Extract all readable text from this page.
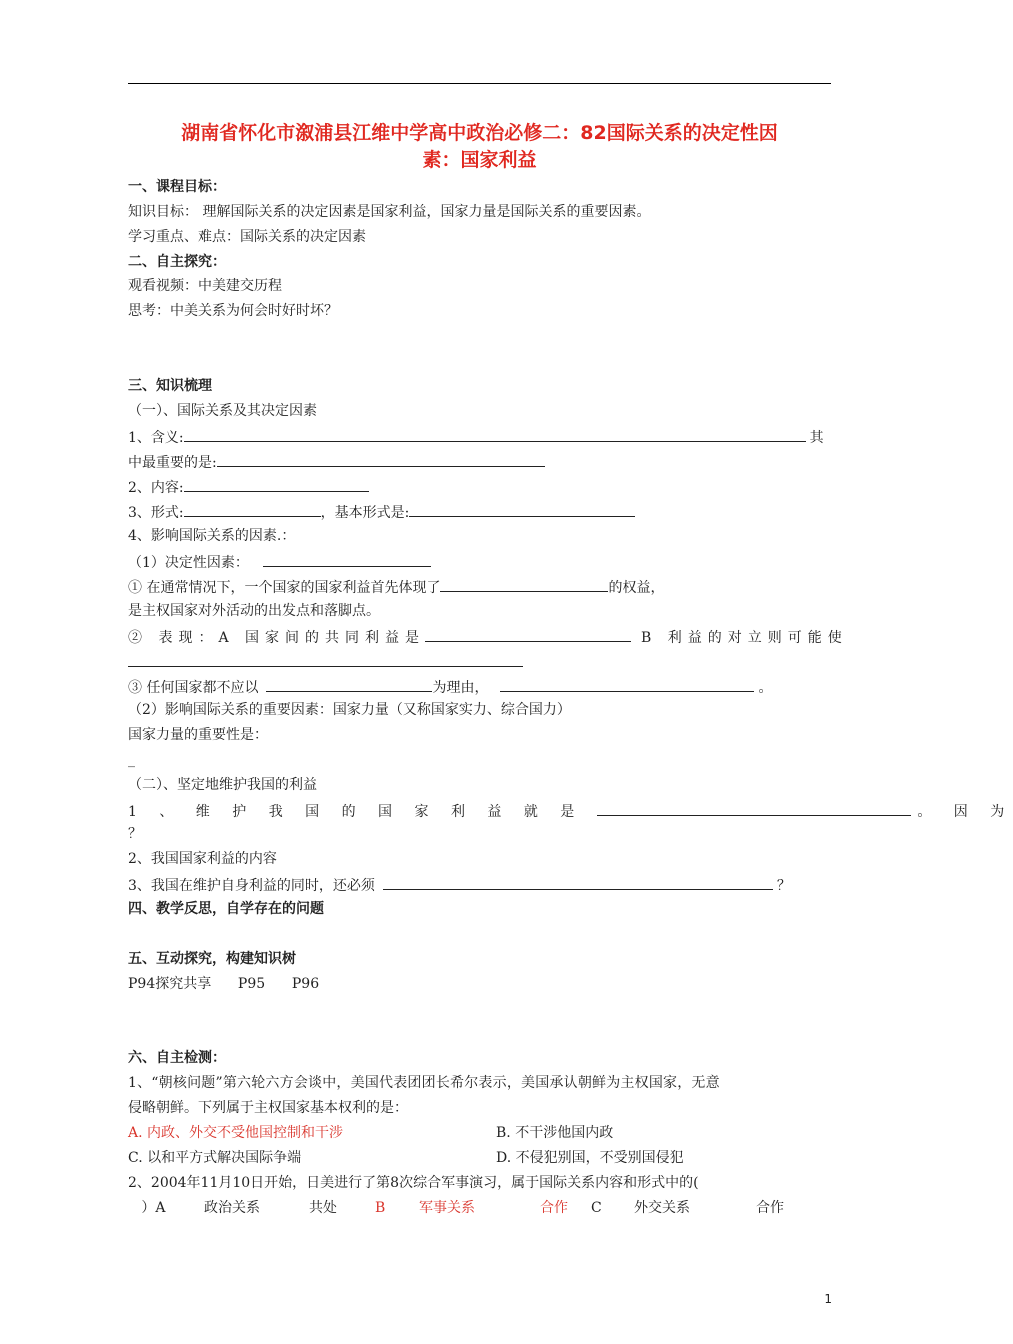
湖南省怀化市溆浦县江维中学高中政治必修二：82国际关系的决定性因
素：国家利益
一、课程目标：
知识目标： 理解国际关系的决定因素是国家利益，国家力量是国际关系的重要因素。
学习重点、难点：国际关系的决定因素
二、自主探究：
观看视频：中美建交历程
思考：中美关系为何会时好时坏？
三、知识梳理
（一）、国际关系及其决定因素
1、含义:	其
中最重要的是:
2、内容:
3、形式:	，基本形式是:
4、影响国际关系的因素.：
（1）决定性因素：
① 在通常情况下，一个国家的国家利益首先体现了	的权益，
是主权国家对外活动的出发点和落脚点。
② 表现：A 国家间的共同利益是	B 利益的对立则可能使
③ 任何国家都不应以	为理由，	。
（2）影响国际关系的重要因素：国家力量（又称国家实力、综合国力）
国家力量的重要性是：
_
（二）、坚定地维护我国的利益
1 、 维 护 我 国 的 国 家 利 益 就 是	。 因 为
？
2、我国国家利益的内容
3、我国在维护自身利益的同时，还必须	？
四、教学反思，自学存在的问题
五、互动探究，构建知识树
P94探究共享      P95      P96
六、自主检测：
1、“朝核问题”第六轮六方会谈中，美国代表团团长希尔表示，美国承认朝鲜为主权国家，无意
侵略朝鲜。下列属于主权国家基本权利的是：
A. 内政、外交不受他国控制和干涉	B. 不干涉他国内政
C. 以和平方式解决国际争端	D. 不侵犯别国，不受别国侵犯
2、2004年11月10日开始，日美进行了第8次综合军事演习，属于国际关系内容和形式中的(
）A	政治关系	共处	B 军事关系	合作 C 外交关系	合作
1
